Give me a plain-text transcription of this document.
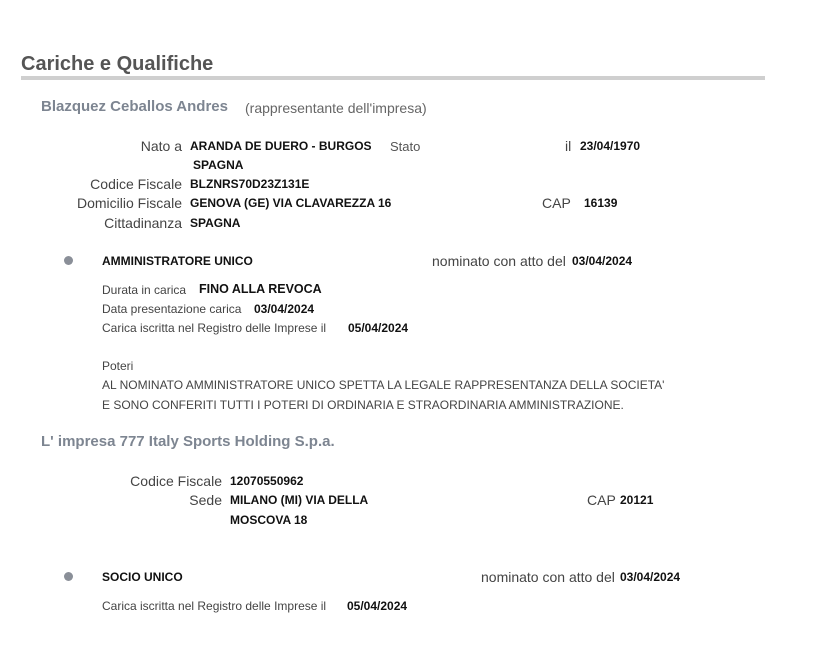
Cariche e Qualifiche
Blazquez Ceballos Andres (rappresentante dell'impresa)
Nato a ARANDA DE DUERO - BURGOS Stato
SPAGNA
il 23/04/1970
Codice Fiscale BLZNRS70D23Z131E
Domicilio Fiscale GENOVA (GE) VIA CLAVAREZZA 16	CAP 16139
Cittadinanza SPAGNA
AMMINISTRATORE UNICO	nominato con atto del 03/04/2024
Durata in carica FINO ALLA REVOCA
Data presentazione carica 03/04/2024
Carica iscritta nel Registro delle Imprese il 05/04/2024
Poteri
AL NOMINATO AMMINISTRATORE UNICO SPETTA LA LEGALE RAPPRESENTANZA DELLA SOCIETA'
E SONO CONFERITI TUTTI I POTERI DI ORDINARIA E STRAORDINARIA AMMINISTRAZIONE.
L' impresa 777 Italy Sports Holding S.p.a.
Codice Fiscale 12070550962
Sede MILANO (MI) VIA DELLA
MOSCOVA 18
CAP 20121
SOCIO UNICO	nominato con atto del 03/04/2024
Carica iscritta nel Registro delle Imprese il 05/04/2024
